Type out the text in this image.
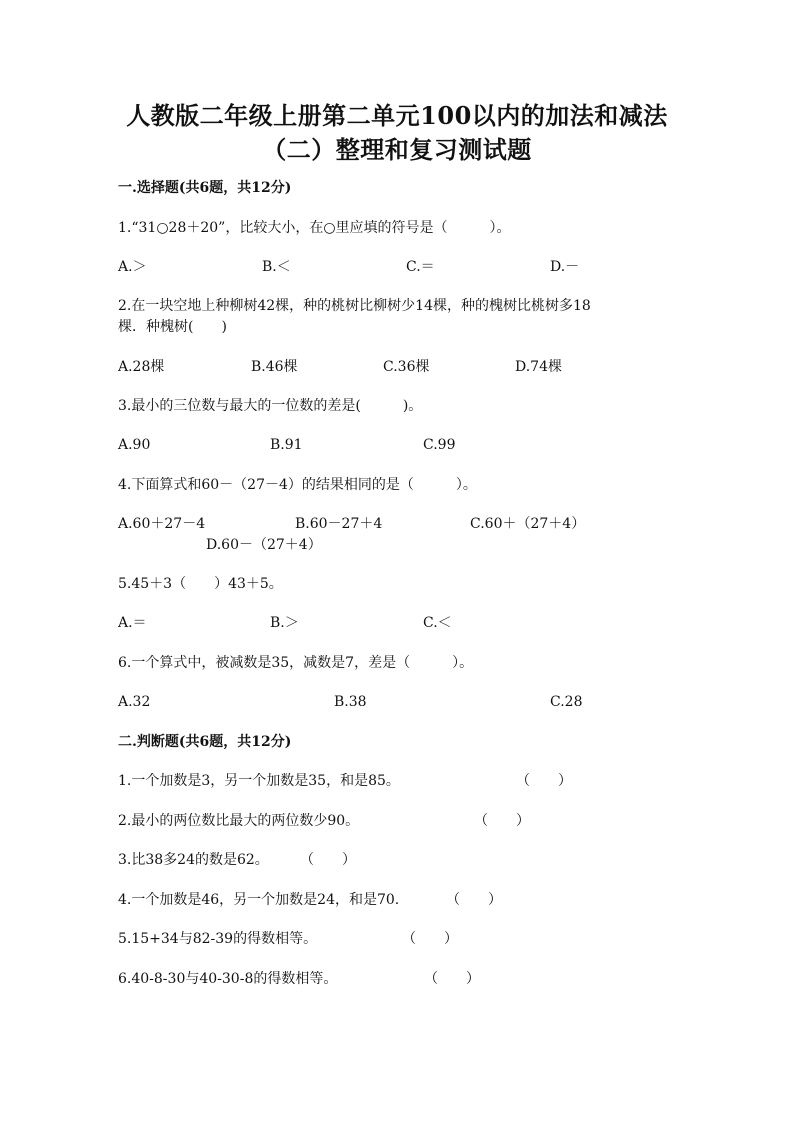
人教版二年级上册第二单元100以内的加法和减法
（二）整理和复习测试题
一.选择题(共6题，共12分)
1.“31○28＋20”，比较大小，在○里应填的符号是（　　　）。
A.＞	B.＜	C.＝	D.－
2.在一块空地上种柳树42棵，种的桃树比柳树少14棵，种的槐树比桃树多18
棵．种槐树(　　)
A.28棵	B.46棵	C.36棵	D.74棵
3.最小的三位数与最大的一位数的差是(　　　)。
A.90	B.91	C.99
4.下面算式和60－（27－4）的结果相同的是（　　　）。
A.60＋27－4	B.60－27＋4	C.60＋（27＋4）
D.60－（27＋4）
5.45＋3（　　）43＋5。
A.＝	B.＞	C.＜
6.一个算式中，被减数是35，减数是7，差是（　　　）。
A.32	B.38	C.28
二.判断题(共6题，共12分)
1.一个加数是3，另一个加数是35，和是85。	（　　）
2.最小的两位数比最大的两位数少90。	（　　）
3.比38多24的数是62。 （　　）
4.一个加数是46，另一个加数是24，和是70.	（　　）
5.15+34与82-39的得数相等。	（　　）
6.40-8-30与40-30-8的得数相等。	（　　）
